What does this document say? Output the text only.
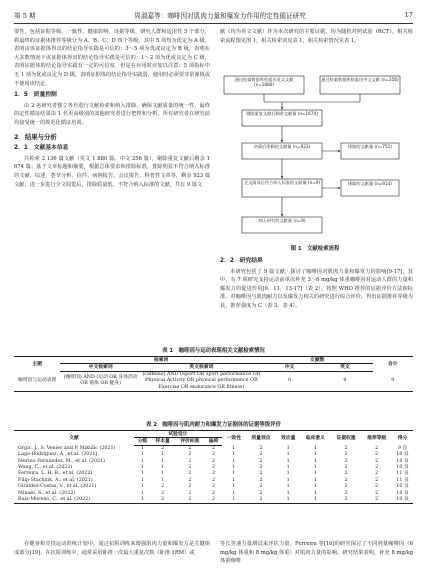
第 5 期	周淑嘉等：咖啡因对肌肉力量和爆发力作用的定性循证研究	17

要性，包括证据等级、一致性、健康影响、证据等级、研究人群和适用性 5 个部分，将最终的证据体推荐等级分为 A、B、C、D 四个等级，其中 5 项均为优定为 A 级，表明由该证据体得出的结论指导实践是可信的；3～5 项为优或良定为 B 级，表明在大多数情况下该证据体得出的结论指导实践是可信的；1～2 项为优或良定为 C 级，表明证据体的结论指导实践有一定的可信度，但是在应用时应加以注意；5 项指标中无 1 项为优或良定为 D 级，表明证据体的结论指导实践弱，使用时必须要非常谨慎或不使用该结论。

1．5　质量控制

由 2 名研究者独立各自进行文献检索和纳入排除，确保文献质量的统一性，最终的定性循证结果由 1 名更高级别的其他研究者进行把控和分析。所有研究者在研究前均接受统一的规范化循证培训。

2　结果与分析
2．1　文献基本信息

共检索 2 136 篇文献（英文 1 880 篇、中文 256 篇），剔除重复文献后剩余 1 674 篇；基于文章标题和摘要，根据总体要求和排除标准，排除明显不符合纳入标准的文献、综述、荟萃分析、信件、病例报告、会议报告、科普性文章等，剩余 923 篇文献，进一步进行全文阅览后，排除质量低、不符合纳入标准的文献，共有 9 篇文

献（均为英文文献）作为本次研究的主要证据，均为随机对照试验（RCT），相关检索流程图见图 1，相关检索词见表 1，相关检索情况见表 1。

通过检索数据库检索出英文文献 (n=1880)
通过检索数据库检索出中文文献 (n=256)
剔除重复文献后剩余文献量 (n=1674)
初筛后所剩的文献量 (n=923)	排除的文献量 (n=751)
全文阅读后符合纳入标准的文献量 (n=9)	排除的文献量 (n=914)
纳入研究的文献量 (n=9)
图 1　文献检索流程
2．2　研究结果

本研究包括了 9 篇文献，探讨了咖啡因对肌肉力量和爆发力的影响[9-17]，其中，有 7 项研究支持运动前单次补充 3～6 mg/kg 体重咖啡因对运动人群的力量和爆发力的促进作用[9，11，13-17]（表 2）。按照 WHO 推荐的证据评价方法和标准，对咖啡因与肌肉耐力以及爆发力相关的研究进行综合评价，得出证据推荐等级为良，推荐强度为 C（表 3、表 4）。

表 1　咖啡因与运动表现相关文献检索情况
主题	检索词		文献数		合计
	中文检索词	英文检索词	中文	英文	
咖啡因与运动表现	(咖啡因) AND (运动 OR 身体活动 OR 锻炼 OR 健身)	(caffeine) AND (Sport OR sport performance OR Physical Activity OR physical performance OR Exercise OR endurance OR fitness)	0	9	9
表 2　咖啡因与肌肉耐力和爆发力证据体的证据等级评价
文献	试验设计				一致性	剂量效应	效应量	临床意义	证据权重	推荐等级	得分
	分级	样本量	评价标准	偏倚							
Grgic, J., S. Venier and P. Mikulic (2021)	1	2	2	2	1	2	1	1	2	2	9 良
Lago-Rodríguez, Á., et al. (2021)	1	1	2	2	1	2	1	1	2	2	10 良
Merino Fernández, M., et al. (2021)	1	1	2	2	1	2	1	1	2	2	10 良
Wang, C., et al. (2022)	1	1	2	2	1	2	1	1	2	2	10 良
Ferreira, L. H. B., et al. (2022)	1	1	2	2	1	2	1	1	2	2	11 良
Filip-Stachnik, A., et al. (2021)	1	1	2	2	1	2	1	1	2	2	11 良
Giráldez-Costas, V., et al. (2021)	1	2	2	2	1	2	1	1	2	2	10 良
Minaei, S., et al. (2022)	1	2	2	2	1	2	1	1	2	2	10 良
Ruiz-Moreno, C., et al. (2022)	1	2	2	2	1	2	1	1	2	2	10 良

在健身和竞技运动训练计划中，通过抗阻训练来增强肌肉力量和爆发力是关键组成部分[19]。在抗阻训练中，通常采用卧推一次最大重复次数（卧推 1RM）或

等长等速力量测试来评估力量。Ferreira 等[16]的研究探讨了不同剂量咖啡因（6 mg/kg 体重和 8 mg/kg 体重）对肌肉力量的影响。研究结果表明，补充 8 mg/kg 体重咖啡
